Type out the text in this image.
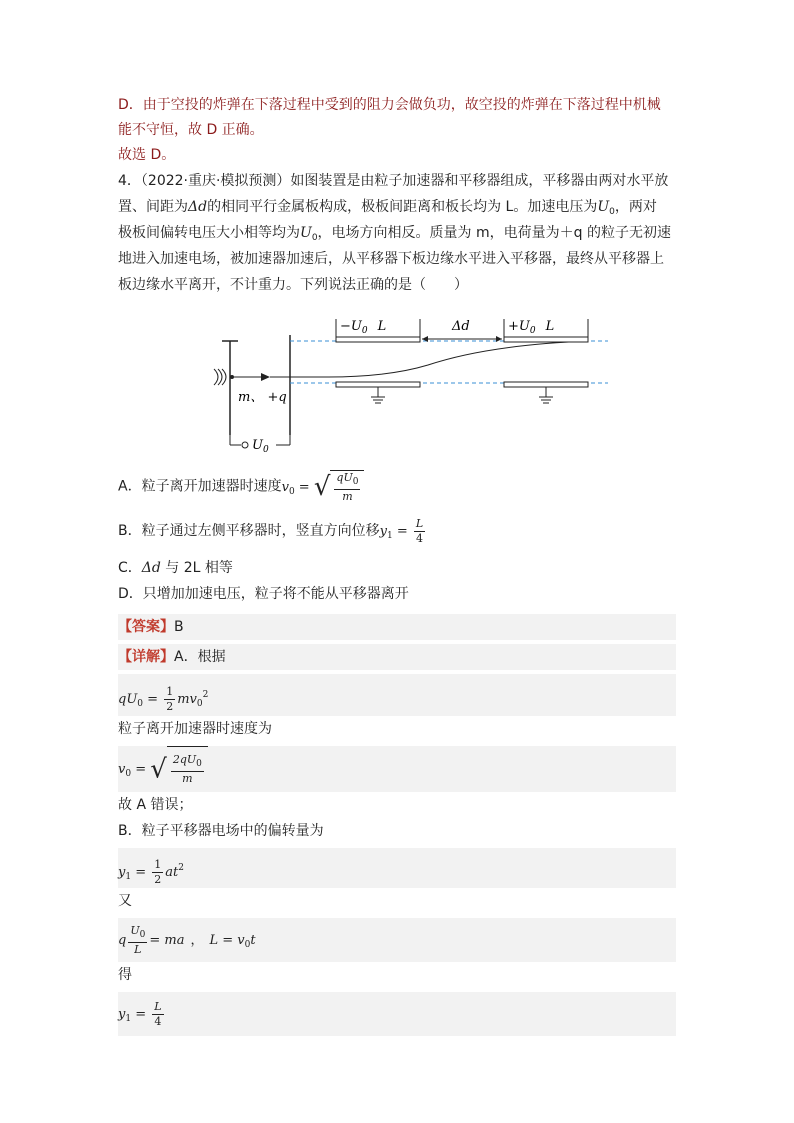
D．由于空投的炸弹在下落过程中受到的阻力会做负功，故空投的炸弹在下落过程中机械
能不守恒，故 D 正确。
故选 D。
4．（2022·重庆·模拟预测）如图装置是由粒子加速器和平移器组成，平移器由两对水平放
置、间距为Δd的相同平行金属板构成，极板间距离和板长均为 L。加速电压为$U_0$，两对
极板间偏转电压大小相等均为$U_0$，电场方向相反。质量为 m，电荷量为＋q 的粒子无初速
地进入加速电场，被加速器加速后，从平移器下板边缘水平进入平移器，最终从平移器上
板边缘水平离开，不计重力。下列说法正确的是（　　）
$-U_0$ L	Δd	$+U_0$ L
m、 +q
$U_0$
A．粒子离开加速器时速度$v_0$ = √ $\frac{qU_0}{m}$
B．粒子通过左侧平移器时，竖直方向位移$y_1 = \frac{L}{4}$
C．Δd 与 2L 相等
D．只增加加速电压，粒子将不能从平移器离开
【答案】B
【详解】A．根据
$qU_0 = \frac{1}{2} mv_0^2$
粒子离开加速器时速度为
$v_0$ = √ $\frac{2qU_0}{m}$
故 A 错误；
B．粒子平移器电场中的偏转量为
$y_1 = \frac{1}{2} at^2$
又
q $\frac{U_0}{L}$ = ma ， $L = v_0t$
得
$y_1 = \frac{L}{4}$
